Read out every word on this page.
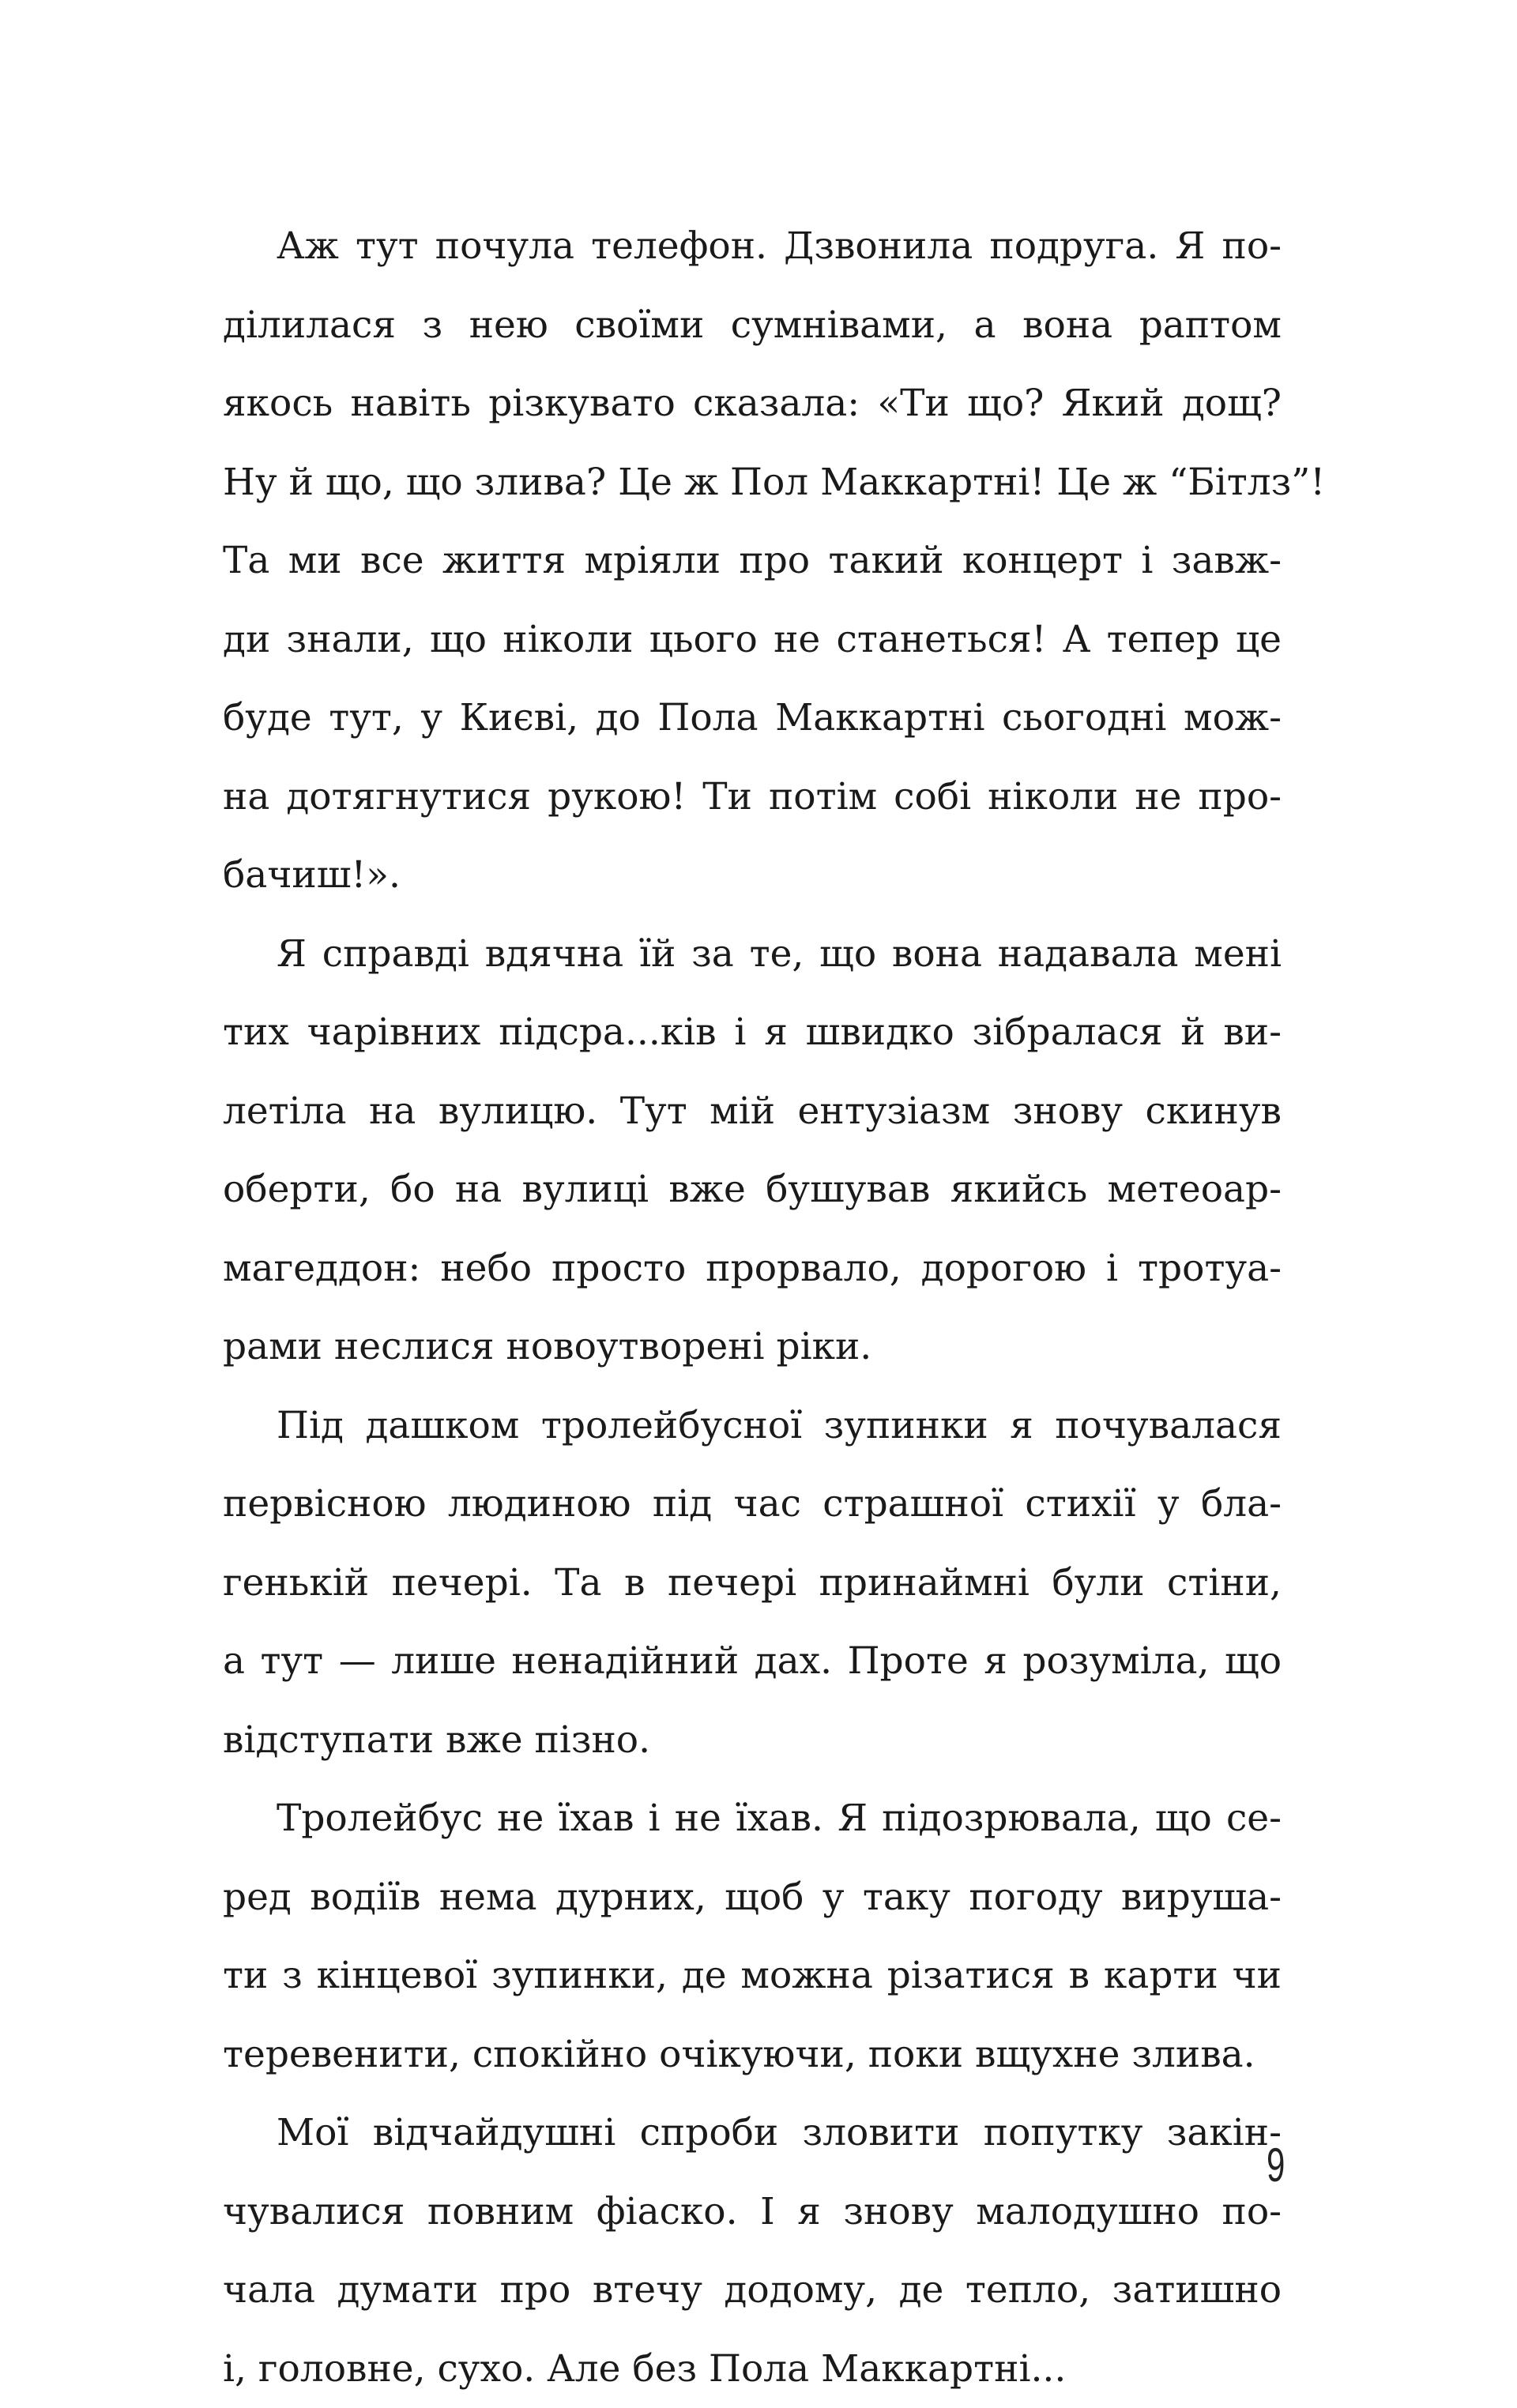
Аж тут почула телефон. Дзвонила подруга. Я по-
ділилася з нею своїми сумнівами, а вона раптом
якось навіть різкувато сказала: «Ти що? Який дощ?
Ну й що, що злива? Це ж Пол Маккартні! Це ж “Бітлз”!
Та ми все життя мріяли про такий концерт і завж-
ди знали, що ніколи цього не станеться! А тепер це
буде тут, у Києві, до Пола Маккартні сьогодні мож-
на дотягнутися рукою! Ти потім собі ніколи не про-
бачиш!».
Я справді вдячна їй за те, що вона надавала мені
тих чарівних підсра...ків і я швидко зібралася й ви-
летіла на вулицю. Тут мій ентузіазм знову скинув
оберти, бо на вулиці вже бушував якийсь метеоар-
магеддон: небо просто прорвало, дорогою і тротуа-
рами неслися новоутворені ріки.
Під дашком тролейбусної зупинки я почувалася
первісною людиною під час страшної стихії у бла-
генькій печері. Та в печері принаймні були стіни,
а тут — лише ненадійний дах. Проте я розуміла, що
відступати вже пізно.
Тролейбус не їхав і не їхав. Я підозрювала, що се-
ред водіїв нема дурних, щоб у таку погоду вируша-
ти з кінцевої зупинки, де можна різатися в карти чи
теревенити, спокійно очікуючи, поки вщухне злива.
Мої відчайдушні спроби зловити попутку закін-
чувалися повним фіаско. І я знову малодушно по-
чала думати про втечу додому, де тепло, затишно
і, головне, сухо. Але без Пола Маккартні...
9
